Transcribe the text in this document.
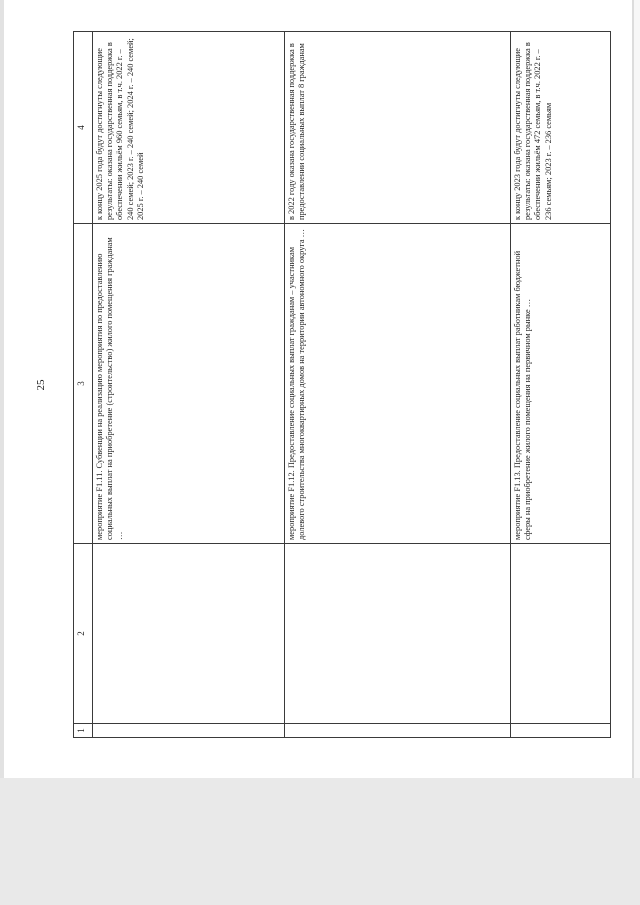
25
1	2	3	4
		мероприятие F1.11. Субвенции на реализацию мероприятия по предоставлению социальных выплат на приобретение (строительство) жилого помещения гражданам …	к концу 2025 года будут достигнуты следующие результаты: оказана государственная поддержка в обеспечении жильём 960 семьям, в т.ч. 2022 г. – 240 семей; 2023 г. – 240 семей; 2024 г. – 240 семей; 2025 г. – 240 семей
		мероприятие F1.12. Предоставление социальных выплат гражданам – участникам долевого строительства многоквартирных домов на территории автономного округа …	в 2022 году оказана государственная поддержка в предоставлении социальных выплат 8 гражданам
		мероприятие F1.13. Предоставление социальных выплат работникам бюджетной сферы на приобретение жилого помещения на первичном рынке …	к концу 2023 года будут достигнуты следующие результаты: оказана государственная поддержка в обеспечении жильём 472 семьям, в т.ч. 2022 г. – 236 семьям; 2023 г. – 236 семьям
